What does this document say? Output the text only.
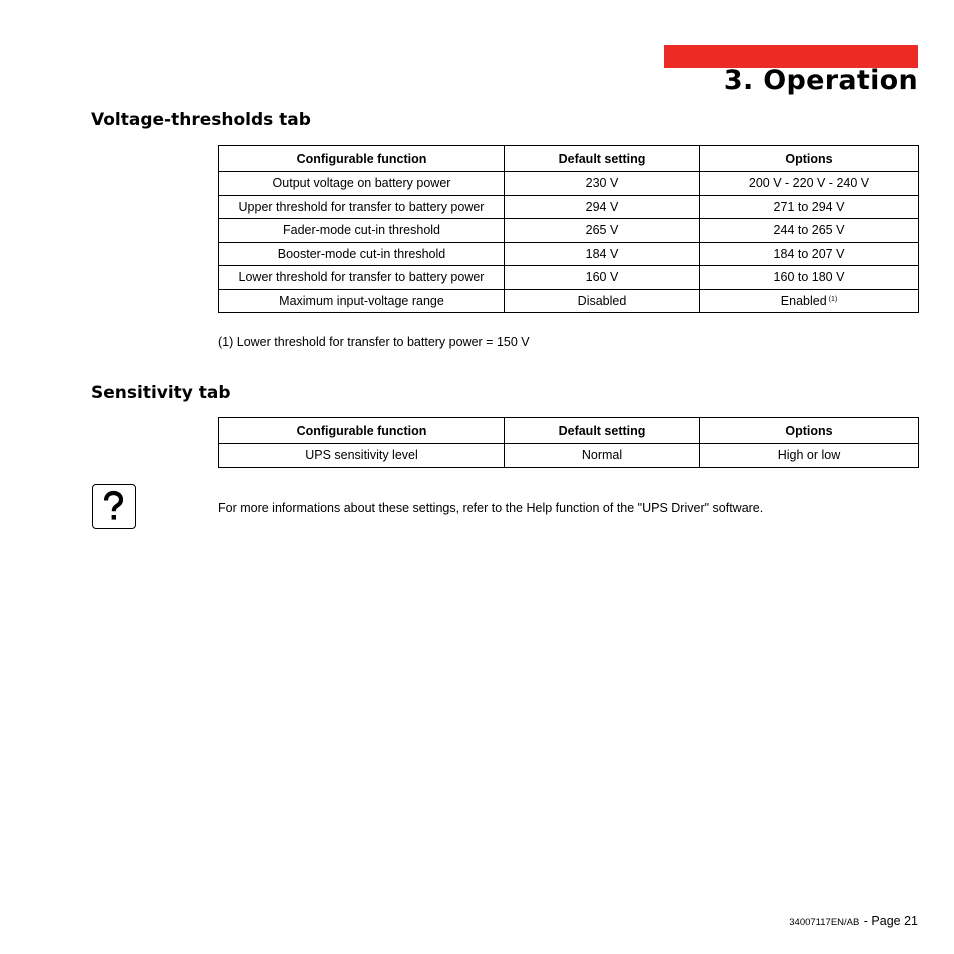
3. Operation
Voltage-thresholds tab
Configurable function	Default setting	Options
Output voltage on battery power	230 V	200 V - 220 V - 240 V
Upper threshold for transfer to battery power	294 V	271 to 294 V
Fader-mode cut-in threshold	265 V	244 to 265 V
Booster-mode cut-in threshold	184 V	184 to 207 V
Lower threshold for transfer to battery power	160 V	160 to 180 V
Maximum input-voltage range	Disabled	Enabled $^{(1)}$

(1) Lower threshold for transfer to battery power = 150 V

Sensitivity tab
Configurable function	Default setting	Options
UPS sensitivity level	Normal	High or low

For more informations about these settings, refer to the Help function of the "UPS Driver" software.

34007117EN/AB - Page 21
